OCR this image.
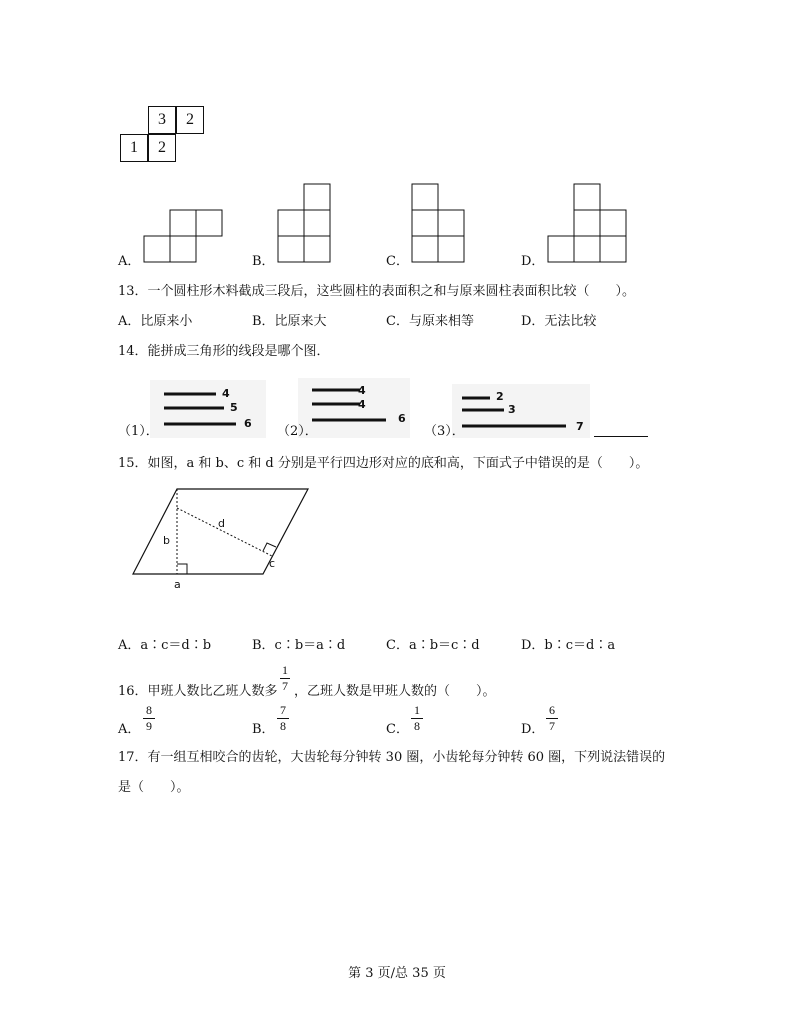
3	2
1	2
A．	B．	C．	D．
13．一个圆柱形木料截成三段后，这些圆柱的表面积之和与原来圆柱表面积比较（　　）。
A．比原来小	B．比原来大	C．与原来相等	D．无法比较
14．能拼成三角形的线段是哪个图．
（1）．
4
5
6
（2）．
4
4
6
（3）．
2
3
7
15．如图，a 和 b、c 和 d 分别是平行四边形对应的底和高，下面式子中错误的是（　　）。
b
d
c
a
A．a∶c＝d∶b	B．c∶b＝a∶d	C．a∶b＝c∶d	D．b∶c＝d∶a
16．甲班人数比乙班人数多
1
7 ，乙班人数是甲班人数的（　　）。
A．
8
9	B．
7
8	C．
1
8	D．
6
7
17．有一组互相咬合的齿轮，大齿轮每分钟转 30 圈，小齿轮每分钟转 60 圈，下列说法错误的
是（　　）。
第 3 页/总 35 页
